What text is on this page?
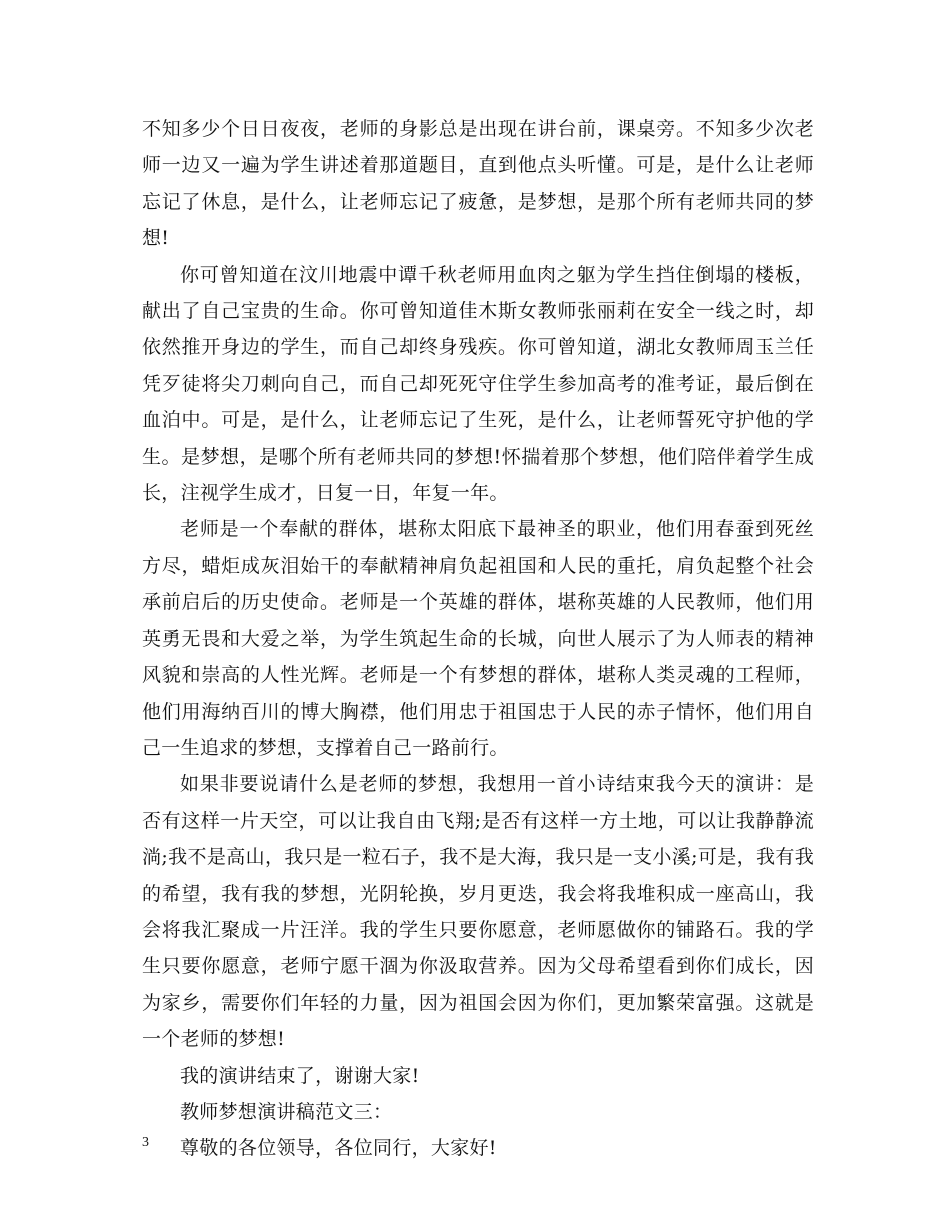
不知多少个日日夜夜，老师的身影总是出现在讲台前，课桌旁。不知多少次老师一边又一遍为学生讲述着那道题目，直到他点头听懂。可是，是什么让老师忘记了休息，是什么，让老师忘记了疲惫，是梦想，是那个所有老师共同的梦想!

你可曾知道在汶川地震中谭千秋老师用血肉之躯为学生挡住倒塌的楼板，献出了自己宝贵的生命。你可曾知道佳木斯女教师张丽莉在安全一线之时，却依然推开身边的学生，而自己却终身残疾。你可曾知道，湖北女教师周玉兰任凭歹徒将尖刀刺向自己，而自己却死死守住学生参加高考的准考证，最后倒在血泊中。可是，是什么，让老师忘记了生死，是什么，让老师誓死守护他的学生。是梦想，是哪个所有老师共同的梦想!怀揣着那个梦想，他们陪伴着学生成长，注视学生成才，日复一日，年复一年。

老师是一个奉献的群体，堪称太阳底下最神圣的职业，他们用春蚕到死丝方尽，蜡炬成灰泪始干的奉献精神肩负起祖国和人民的重托，肩负起整个社会承前启后的历史使命。老师是一个英雄的群体，堪称英雄的人民教师，他们用英勇无畏和大爱之举，为学生筑起生命的长城，向世人展示了为人师表的精神风貌和崇高的人性光辉。老师是一个有梦想的群体，堪称人类灵魂的工程师，他们用海纳百川的博大胸襟，他们用忠于祖国忠于人民的赤子情怀，他们用自己一生追求的梦想，支撑着自己一路前行。

如果非要说请什么是老师的梦想，我想用一首小诗结束我今天的演讲：是否有这样一片天空，可以让我自由飞翔;是否有这样一方土地，可以让我静静流淌;我不是高山，我只是一粒石子，我不是大海，我只是一支小溪;可是，我有我的希望，我有我的梦想，光阴轮换，岁月更迭，我会将我堆积成一座高山，我会将我汇聚成一片汪洋。我的学生只要你愿意，老师愿做你的铺路石。我的学生只要你愿意，老师宁愿干涸为你汲取营养。因为父母希望看到你们成长，因为家乡，需要你们年轻的力量，因为祖国会因为你们，更加繁荣富强。这就是一个老师的梦想!

我的演讲结束了，谢谢大家!

教师梦想演讲稿范文三：

尊敬的各位领导，各位同行，大家好!

3
